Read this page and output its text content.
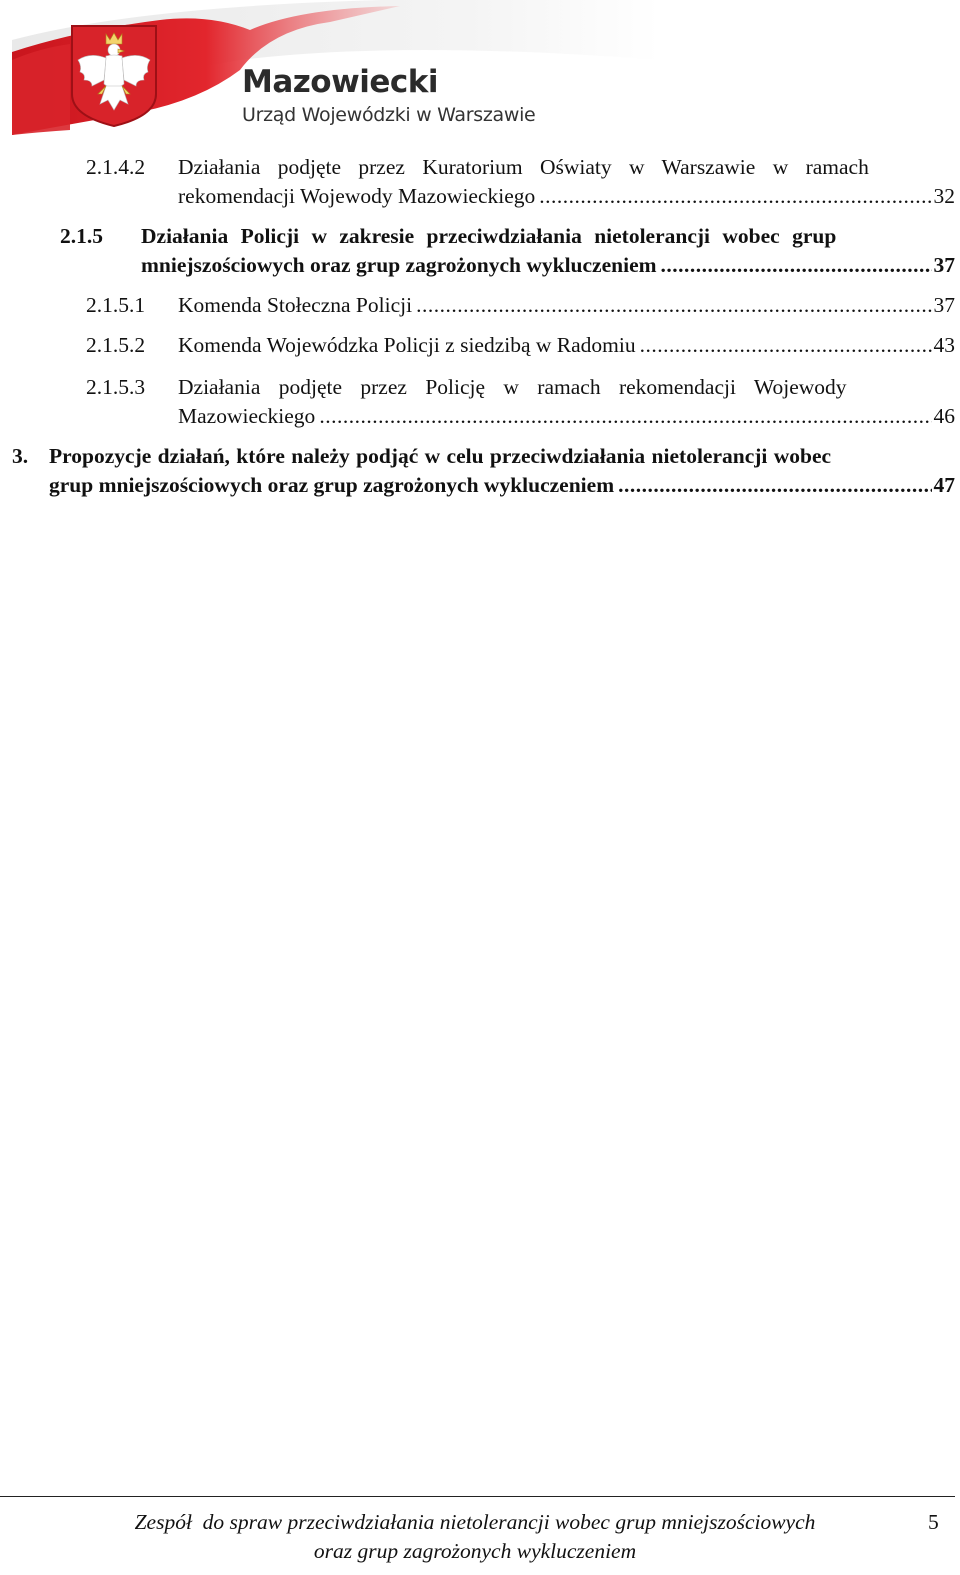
Mazowiecki
Urząd Wojewódzki w Warszawie
2.1.4.2 Działania podjęte przez Kuratorium Oświaty w Warszawie w ramach
rekomendacji Wojewody Mazowieckiego .....	32
2.1.5 Działania Policji w zakresie przeciwdziałania nietolerancji wobec grup
mniejszościowych oraz grup zagrożonych wykluczeniem .....	37
2.1.5.1 Komenda Stołeczna Policji .....	37
2.1.5.2 Komenda Wojewódzka Policji z siedzibą w Radomiu .....	43
2.1.5.3 Działania podjęte przez Policję w ramach rekomendacji Wojewody
Mazowieckiego .....	46
3. Propozycje działań, które należy podjąć w celu przeciwdziałania nietolerancji wobec
grup mniejszościowych oraz grup zagrożonych wykluczeniem .....	47
Zespół  do spraw przeciwdziałania nietolerancji wobec grup mniejszościowych
oraz grup zagrożonych wykluczeniem
5
